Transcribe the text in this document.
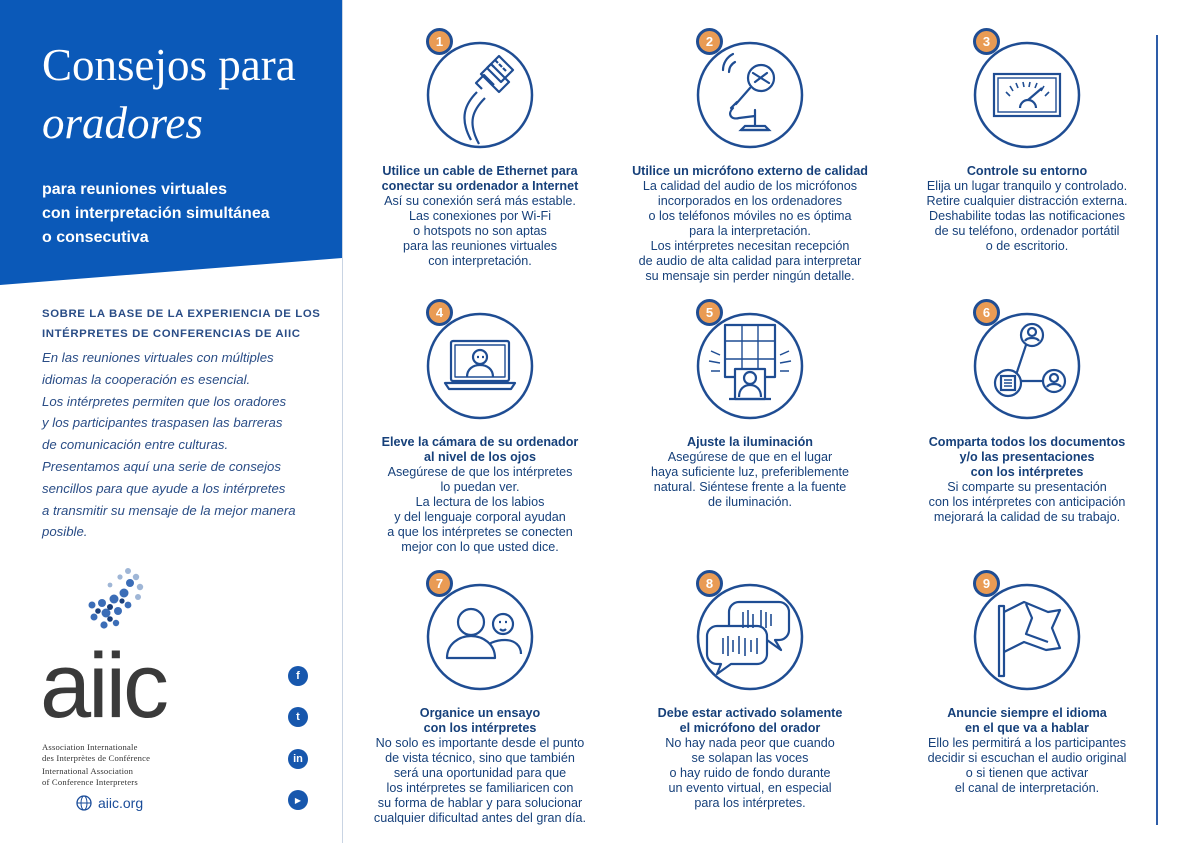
Consejos para
oradores
para reuniones virtuales
con interpretación simultánea
o consecutiva
SOBRE LA BASE DE LA EXPERIENCIA DE LOS
INTÉRPRETES DE CONFERENCIAS DE AIIC
En las reuniones virtuales con múltiples
idiomas la cooperación es esencial.
Los intérpretes permiten que los oradores
y los participantes traspasen las barreras
de comunicación entre culturas.
Presentamos aquí una serie de consejos
sencillos para que ayude a los intérpretes
a transmitir su mensaje de la mejor manera
posible.
aiic
Association Internationale
des Interprètes de Conférence
International Association
of Conference Interpreters
aiic.org
f
t
in
▶
1
Utilice un cable de Ethernet para
conectar su ordenador a Internet
Así su conexión será más estable.
Las conexiones por Wi-Fi
o hotspots no son aptas
para las reuniones virtuales
con interpretación.
2
Utilice un micrófono externo de calidad
La calidad del audio de los micrófonos
incorporados en los ordenadores
o los teléfonos móviles no es óptima
para la interpretación.
Los intérpretes necesitan recepción
de audio de alta calidad para interpretar
su mensaje sin perder ningún detalle.
3
Controle su entorno
Elija un lugar tranquilo y controlado.
Retire cualquier distracción externa.
Deshabilite todas las notificaciones
de su teléfono, ordenador portátil
o de escritorio.
4
Eleve la cámara de su ordenador
al nivel de los ojos
Asegúrese de que los intérpretes
lo puedan ver.
La lectura de los labios
y del lenguaje corporal ayudan
a que los intérpretes se conecten
mejor con lo que usted dice.
5
Ajuste la iluminación
Asegúrese de que en el lugar
haya suficiente luz, preferiblemente
natural. Siéntese frente a la fuente
de iluminación.
6
Comparta todos los documentos
y/o las presentaciones
con los intérpretes
Si comparte su presentación
con los intérpretes con anticipación
mejorará la calidad de su trabajo.
7
Organice un ensayo
con los intérpretes
No solo es importante desde el punto
de vista técnico, sino que también
será una oportunidad para que
los intérpretes se familiaricen con
su forma de hablar y para solucionar
cualquier dificultad antes del gran día.
8
Debe estar activado solamente
el micrófono del orador
No hay nada peor que cuando
se solapan las voces
o hay ruido de fondo durante
un evento virtual, en especial
para los intérpretes.
9
Anuncie siempre el idioma
en el que va a hablar
Ello les permitirá a los participantes
decidir si escuchan el audio original
o si tienen que activar
el canal de interpretación.
